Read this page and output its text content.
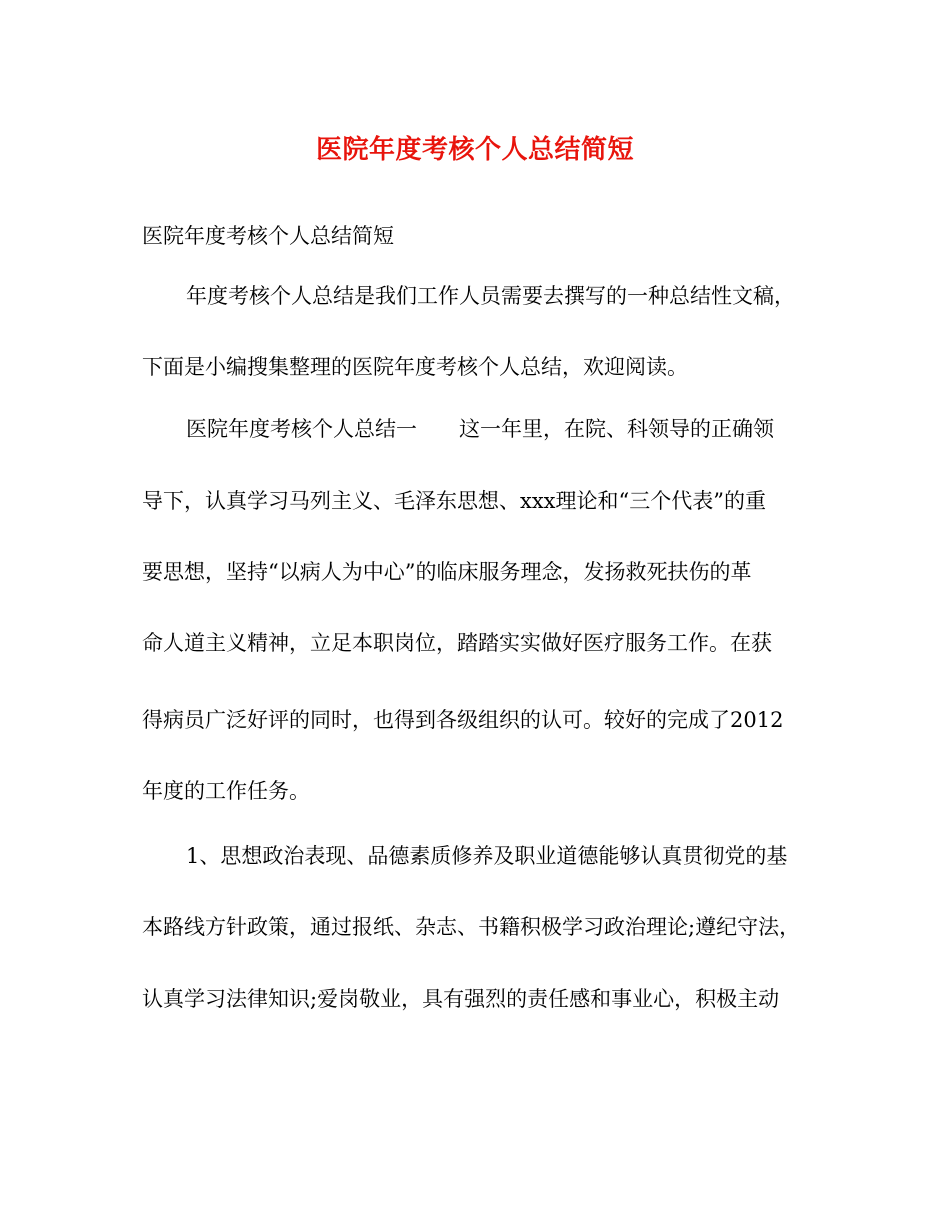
医院年度考核个人总结简短
医院年度考核个人总结简短
年度考核个人总结是我们工作人员需要去撰写的一种总结性文稿，
下面是小编搜集整理的医院年度考核个人总结，欢迎阅读。
医院年度考核个人总结一 这一年里，在院、科领导的正确领
导下，认真学习马列主义、毛泽东思想、xxx理论和“三个代表”的重
要思想，坚持“以病人为中心”的临床服务理念，发扬救死扶伤的革
命人道主义精神，立足本职岗位，踏踏实实做好医疗服务工作。在获
得病员广泛好评的同时，也得到各级组织的认可。较好的完成了2012
年度的工作任务。
1、思想政治表现、品德素质修养及职业道德能够认真贯彻党的基
本路线方针政策，通过报纸、杂志、书籍积极学习政治理论;遵纪守法，
认真学习法律知识;爱岗敬业，具有强烈的责任感和事业心，积极主动
